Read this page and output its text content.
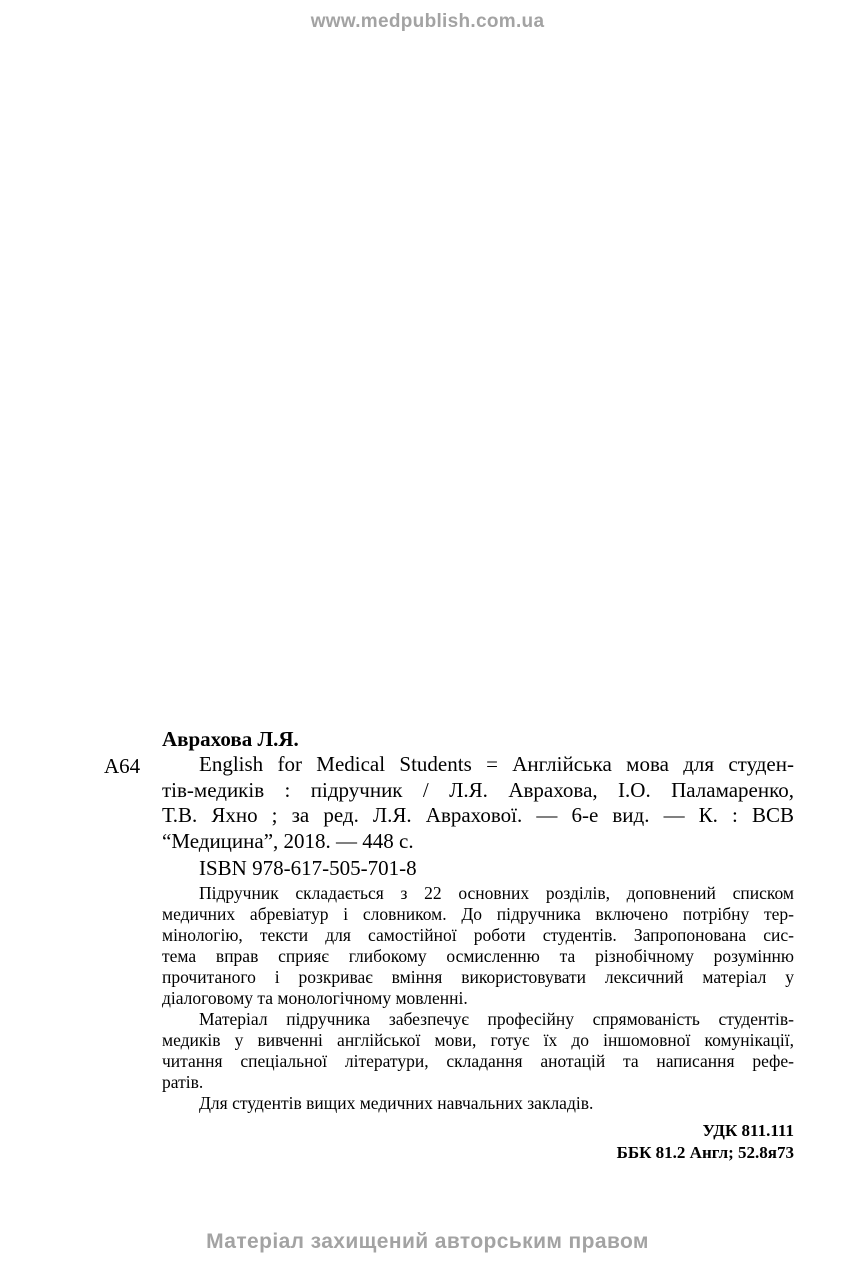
www.medpublish.com.ua
Аврахова Л.Я.
А64	English for Medical Students = Англійська мова для студен-
тів-медиків : підручник / Л.Я. Аврахова, І.О. Паламаренко,
Т.В. Яхно ; за ред. Л.Я. Аврахової. — 6-е вид. — К. : ВСВ
“Медицина”, 2018. — 448 с.
ISBN 978-617-505-701-8
Підручник складається з 22 основних розділів, доповнений списком
медичних абревіатур і словником. До підручника включено потрібну тер-
мінологію, тексти для самостійної роботи студентів. Запропонована сис-
тема вправ сприяє глибокому осмисленню та різнобічному розумінню
прочитаного і розкриває вміння використовувати лексичний матеріал у
діалоговому та монологічному мовленні.
Матеріал підручника забезпечує професійну спрямованість студентів-
медиків у вивченні англійської мови, готує їх до іншомовної комунікації,
читання спеціальної літератури, складання анотацій та написання рефе-
ратів.
Для студентів вищих медичних навчальних закладів.
УДК 811.111
ББК 81.2 Англ; 52.8я73
Матеріал захищений авторським правом
